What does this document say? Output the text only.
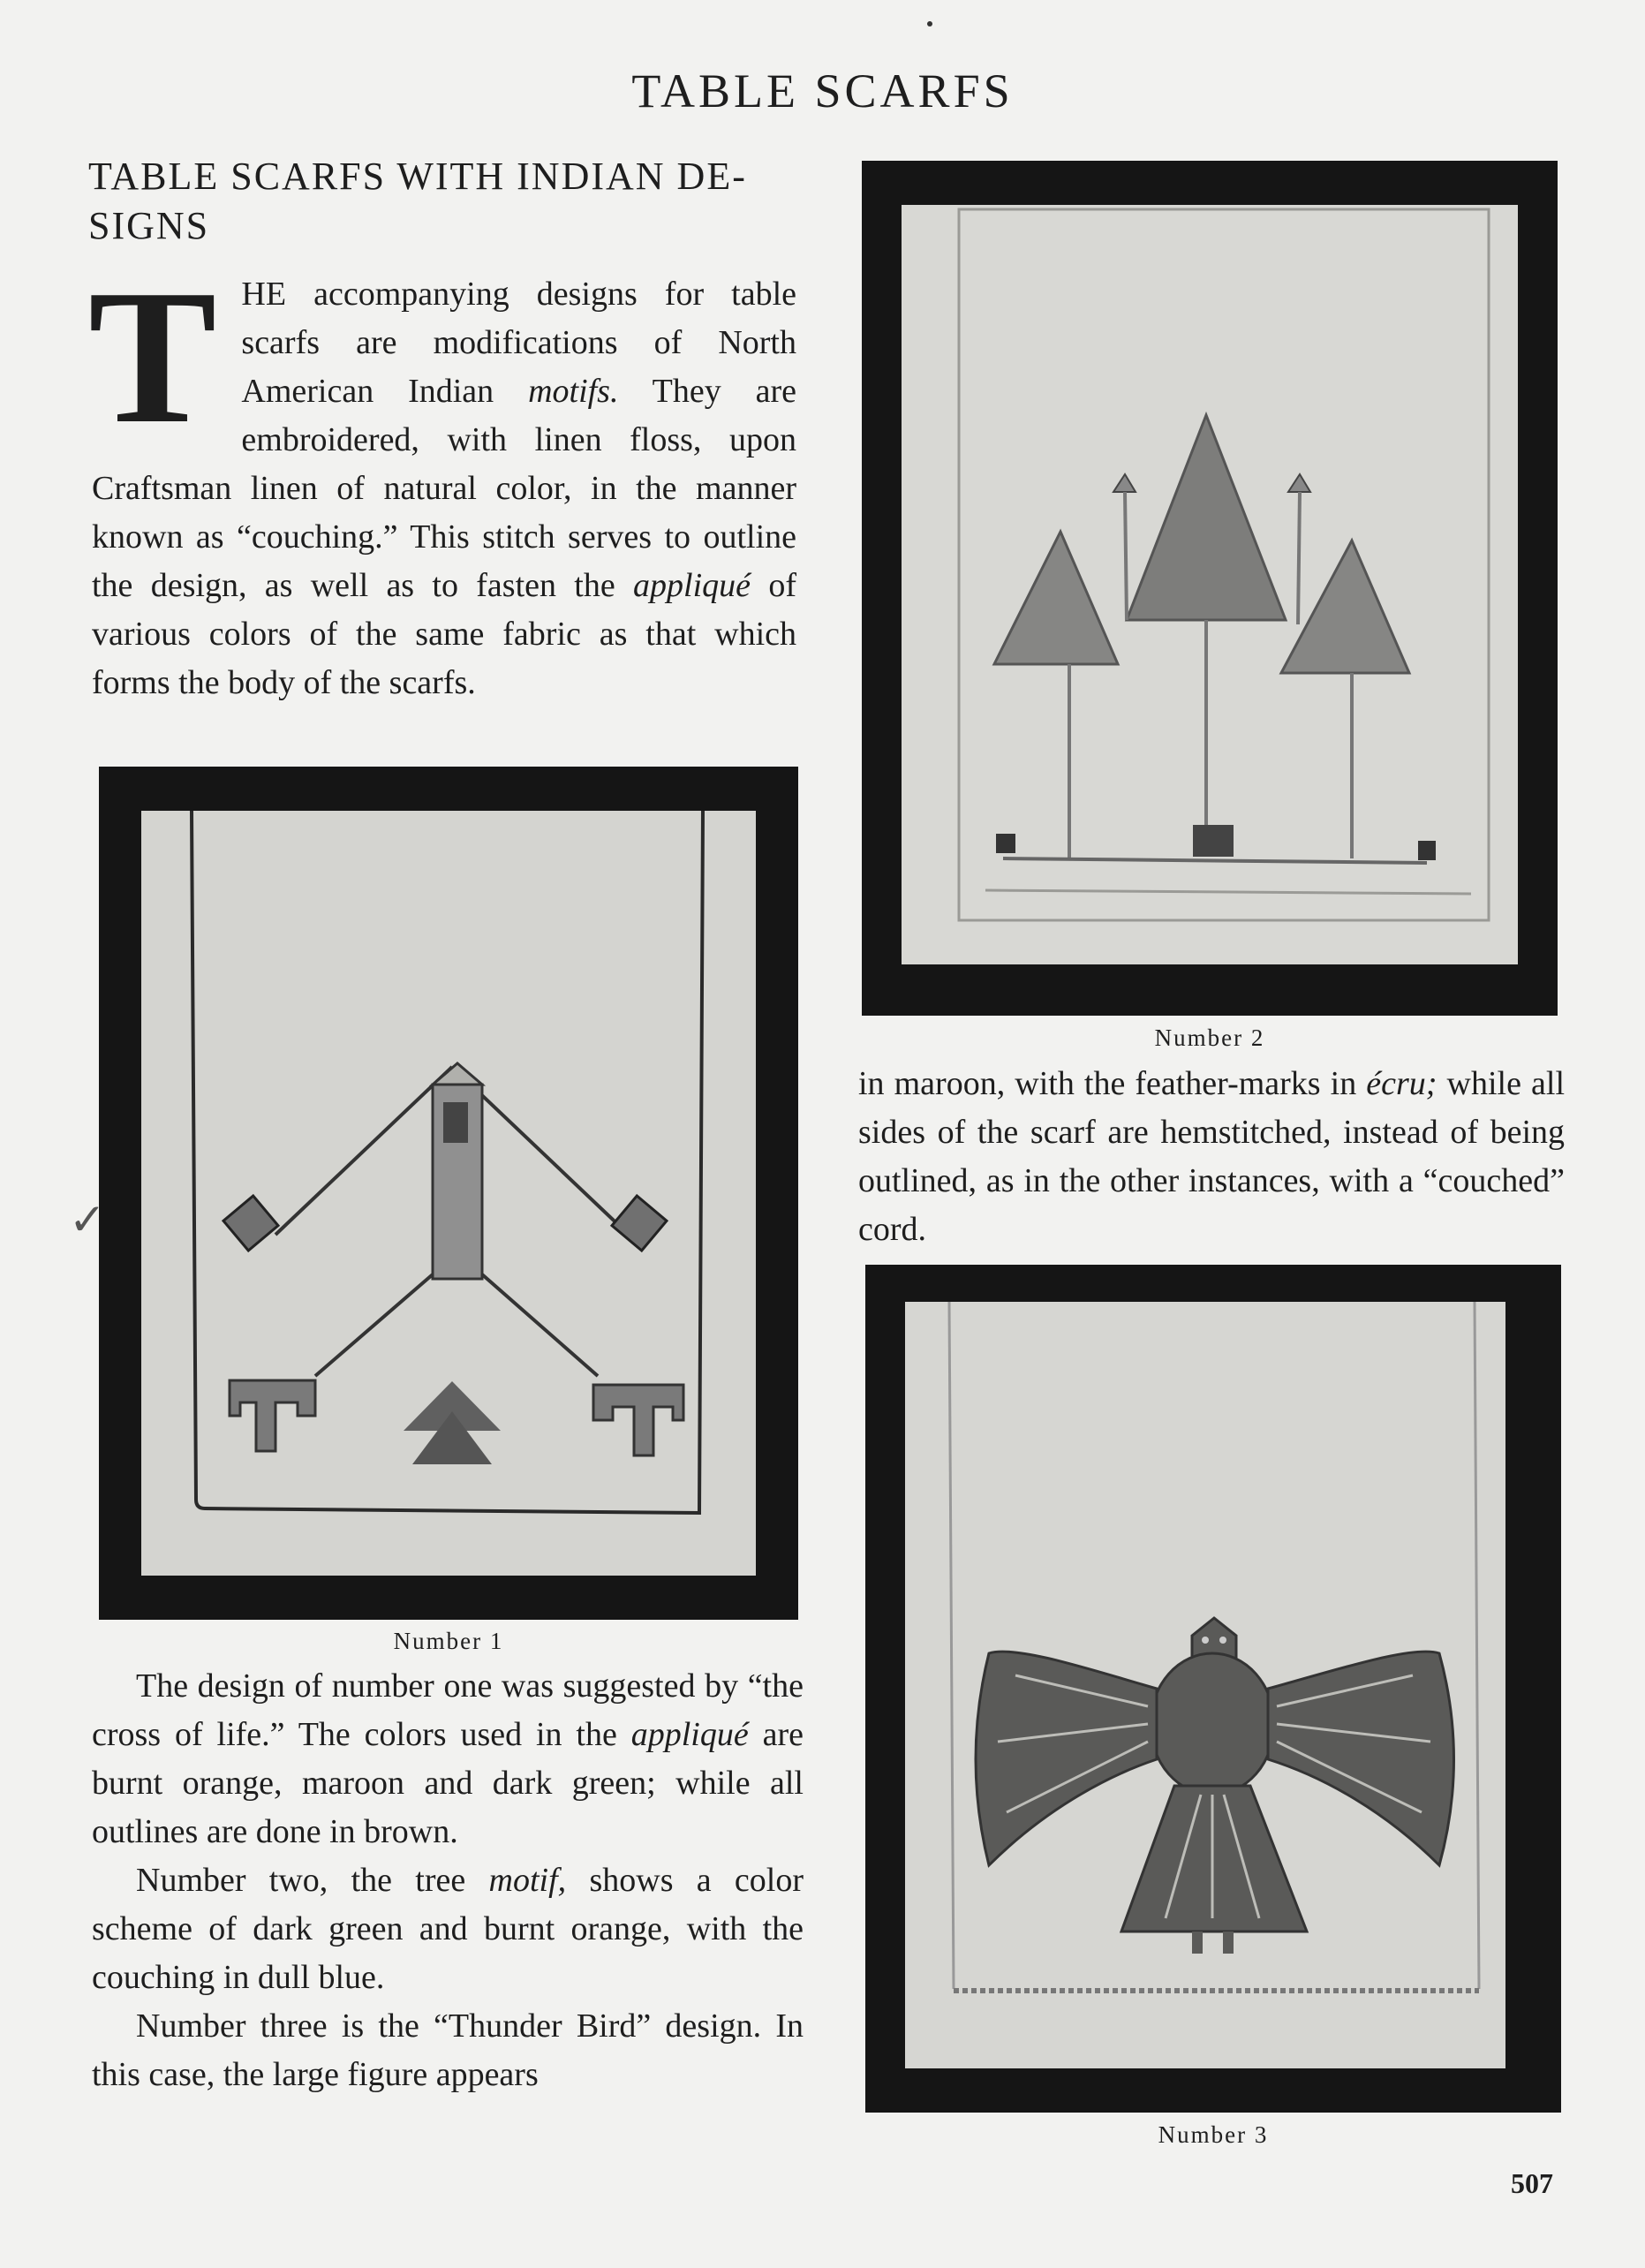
TABLE SCARFS
TABLE SCARFS WITH INDIAN DE-SIGNS
THE accompanying designs for table scarfs are modifications of North American Indian motifs. They are embroidered, with linen floss, upon Craftsman linen of natural color, in the manner known as “couching.” This stitch serves to outline the design, as well as to fasten the appliqué of various colors of the same fabric as that which forms the body of the scarfs.
Number 1
Number 2
in maroon, with the feather-marks in écru; while all sides of the scarf are hemstitched, instead of being outlined, as in the other instances, with a “couched” cord.
Number 3

The design of number one was suggested by “the cross of life.” The colors used in the appliqué are burnt orange, maroon and dark green; while all outlines are done in brown.

Number two, the tree motif, shows a color scheme of dark green and burnt orange, with the couching in dull blue.

Number three is the “Thunder Bird” design. In this case, the large figure appears

✓
507
